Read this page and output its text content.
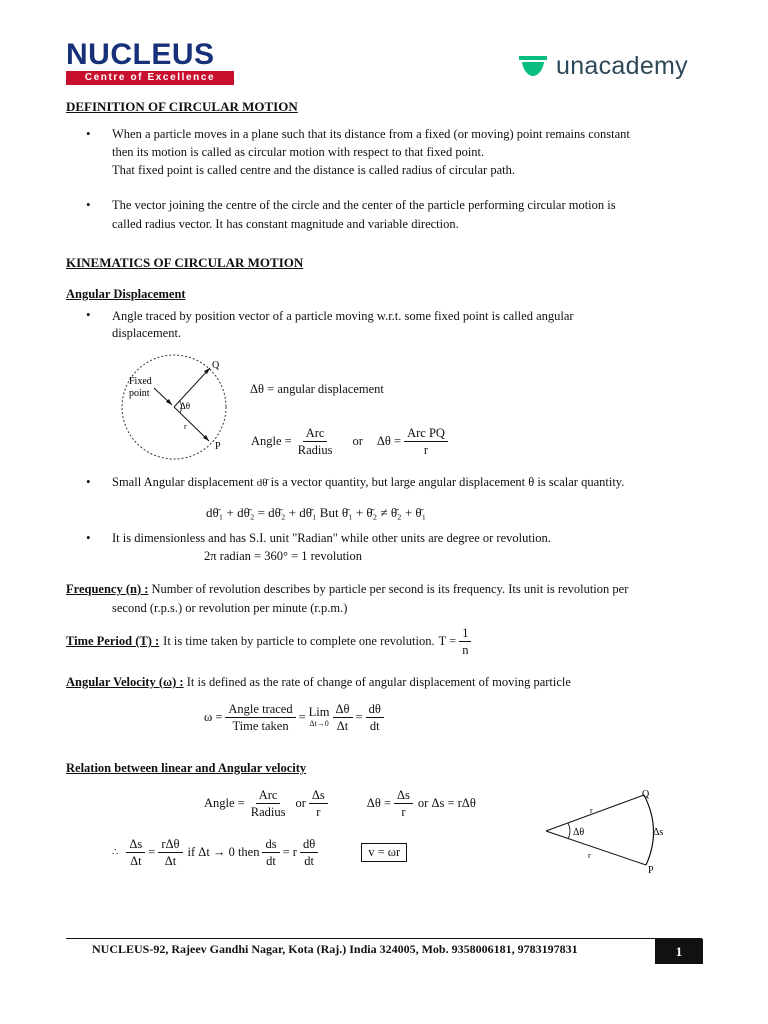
NUCLEUS
Centre of Excellence	unacademy
DEFINITION OF CIRCULAR MOTION
• When a particle moves in a plane such that its distance from a fixed (or moving) point remains constant
then its motion is called as circular motion with respect to that fixed point.
That fixed point is called centre and the distance is called radius of circular path.
• The vector joining the centre of the circle and the center of the particle performing circular motion is
called radius vector. It has constant magnitude and variable direction.
KINEMATICS OF CIRCULAR MOTION
Angular Displacement
• Angle traced by position vector of a particle moving w.r.t. some fixed point is called angular
displacement.
Fixed
point
Δθ
r
Q
P
Δθ = angular displacement
Angle = $\frac{\text{Arc}}{\text{Radius}}$ or $\Delta\theta = \frac{\text{Arc PQ}}{r}$
• Small Angular displacement dθ̄ is a vector quantity, but large angular displacement θ is scalar quantity.
dθ̄₁ + dθ̄₂ = dθ̄₂ + dθ̄₁ But θ̄₁ + θ̄₂ ≠ θ̄₂ + θ̄₁
• It is dimensionless and has S.I. unit "Radian" while other units are degree or revolution.
2π radian = 360° = 1 revolution
Frequency (n) : Number of revolution describes by particle per second is its frequency. Its unit is revolution per
second (r.p.s.) or revolution per minute (r.p.m.)
Time Period (T) : It is time taken by particle to complete one revolution. $T = \frac{1}{n}$
Angular Velocity (ω) : It is defined as the rate of change of angular displacement of moving particle
$\omega = \frac{\text{Angle traced}}{\text{Time taken}}$ = Lim
$\Delta t\to 0 \frac{\Delta\theta}{\Delta t} = \frac{d\theta}{dt}$
Relation between linear and Angular velocity
Angle = $\frac{\text{Arc}}{\text{Radius}}$ or $\frac{\Delta s}{r}$	$\Delta\theta = \frac{\Delta s}{r}$ or Δs = rΔθ
∴ $\frac{\Delta s}{\Delta t} = \frac{\text{rΔθ}}{\Delta t}$ if Δt → 0 then $\frac{ds}{dt} = r \frac{d\theta}{dt}$	v = ωr
r
r
Δθ	Δs
Q
P
NUCLEUS-92, Rajeev Gandhi Nagar, Kota (Raj.) India 324005, Mob. 9358006181, 9783197831	1
